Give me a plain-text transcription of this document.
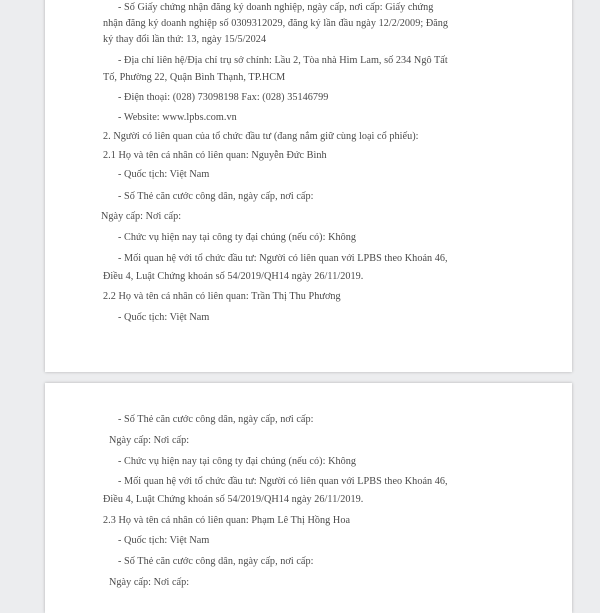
- Số Giấy chứng nhận đăng ký doanh nghiệp, ngày cấp, nơi cấp: Giấy chứng
nhận đăng ký doanh nghiệp số 0309312029, đăng ký lần đầu ngày 12/2/2009; Đăng
ký thay đổi lần thứ: 13, ngày 15/5/2024
- Địa chỉ liên hệ/Địa chỉ trụ sở chính: Lầu 2, Tòa nhà Him Lam, số 234 Ngô Tất
Tố, Phường 22, Quận Bình Thạnh, TP.HCM
- Điện thoại: (028) 73098198 Fax: (028) 35146799
- Website: www.lpbs.com.vn
2. Người có liên quan của tổ chức đầu tư (đang nắm giữ cùng loại cổ phiếu):
2.1 Họ và tên cá nhân có liên quan: Nguyễn Đức Bình
- Quốc tịch: Việt Nam
- Số Thẻ căn cước công dân, ngày cấp, nơi cấp:
Ngày cấp: Nơi cấp:
- Chức vụ hiện nay tại công ty đại chúng (nếu có): Không
- Mối quan hệ với tổ chức đầu tư: Người có liên quan với LPBS theo Khoản 46,
Điều 4, Luật Chứng khoán số 54/2019/QH14 ngày 26/11/2019.
2.2 Họ và tên cá nhân có liên quan: Trần Thị Thu Phương
- Quốc tịch: Việt Nam
- Số Thẻ căn cước công dân, ngày cấp, nơi cấp:
Ngày cấp: Nơi cấp:
- Chức vụ hiện nay tại công ty đại chúng (nếu có): Không
- Mối quan hệ với tổ chức đầu tư: Người có liên quan với LPBS theo Khoản 46,
Điều 4, Luật Chứng khoán số 54/2019/QH14 ngày 26/11/2019.
2.3 Họ và tên cá nhân có liên quan: Phạm Lê Thị Hồng Hoa
- Quốc tịch: Việt Nam
- Số Thẻ căn cước công dân, ngày cấp, nơi cấp:
Ngày cấp: Nơi cấp:
